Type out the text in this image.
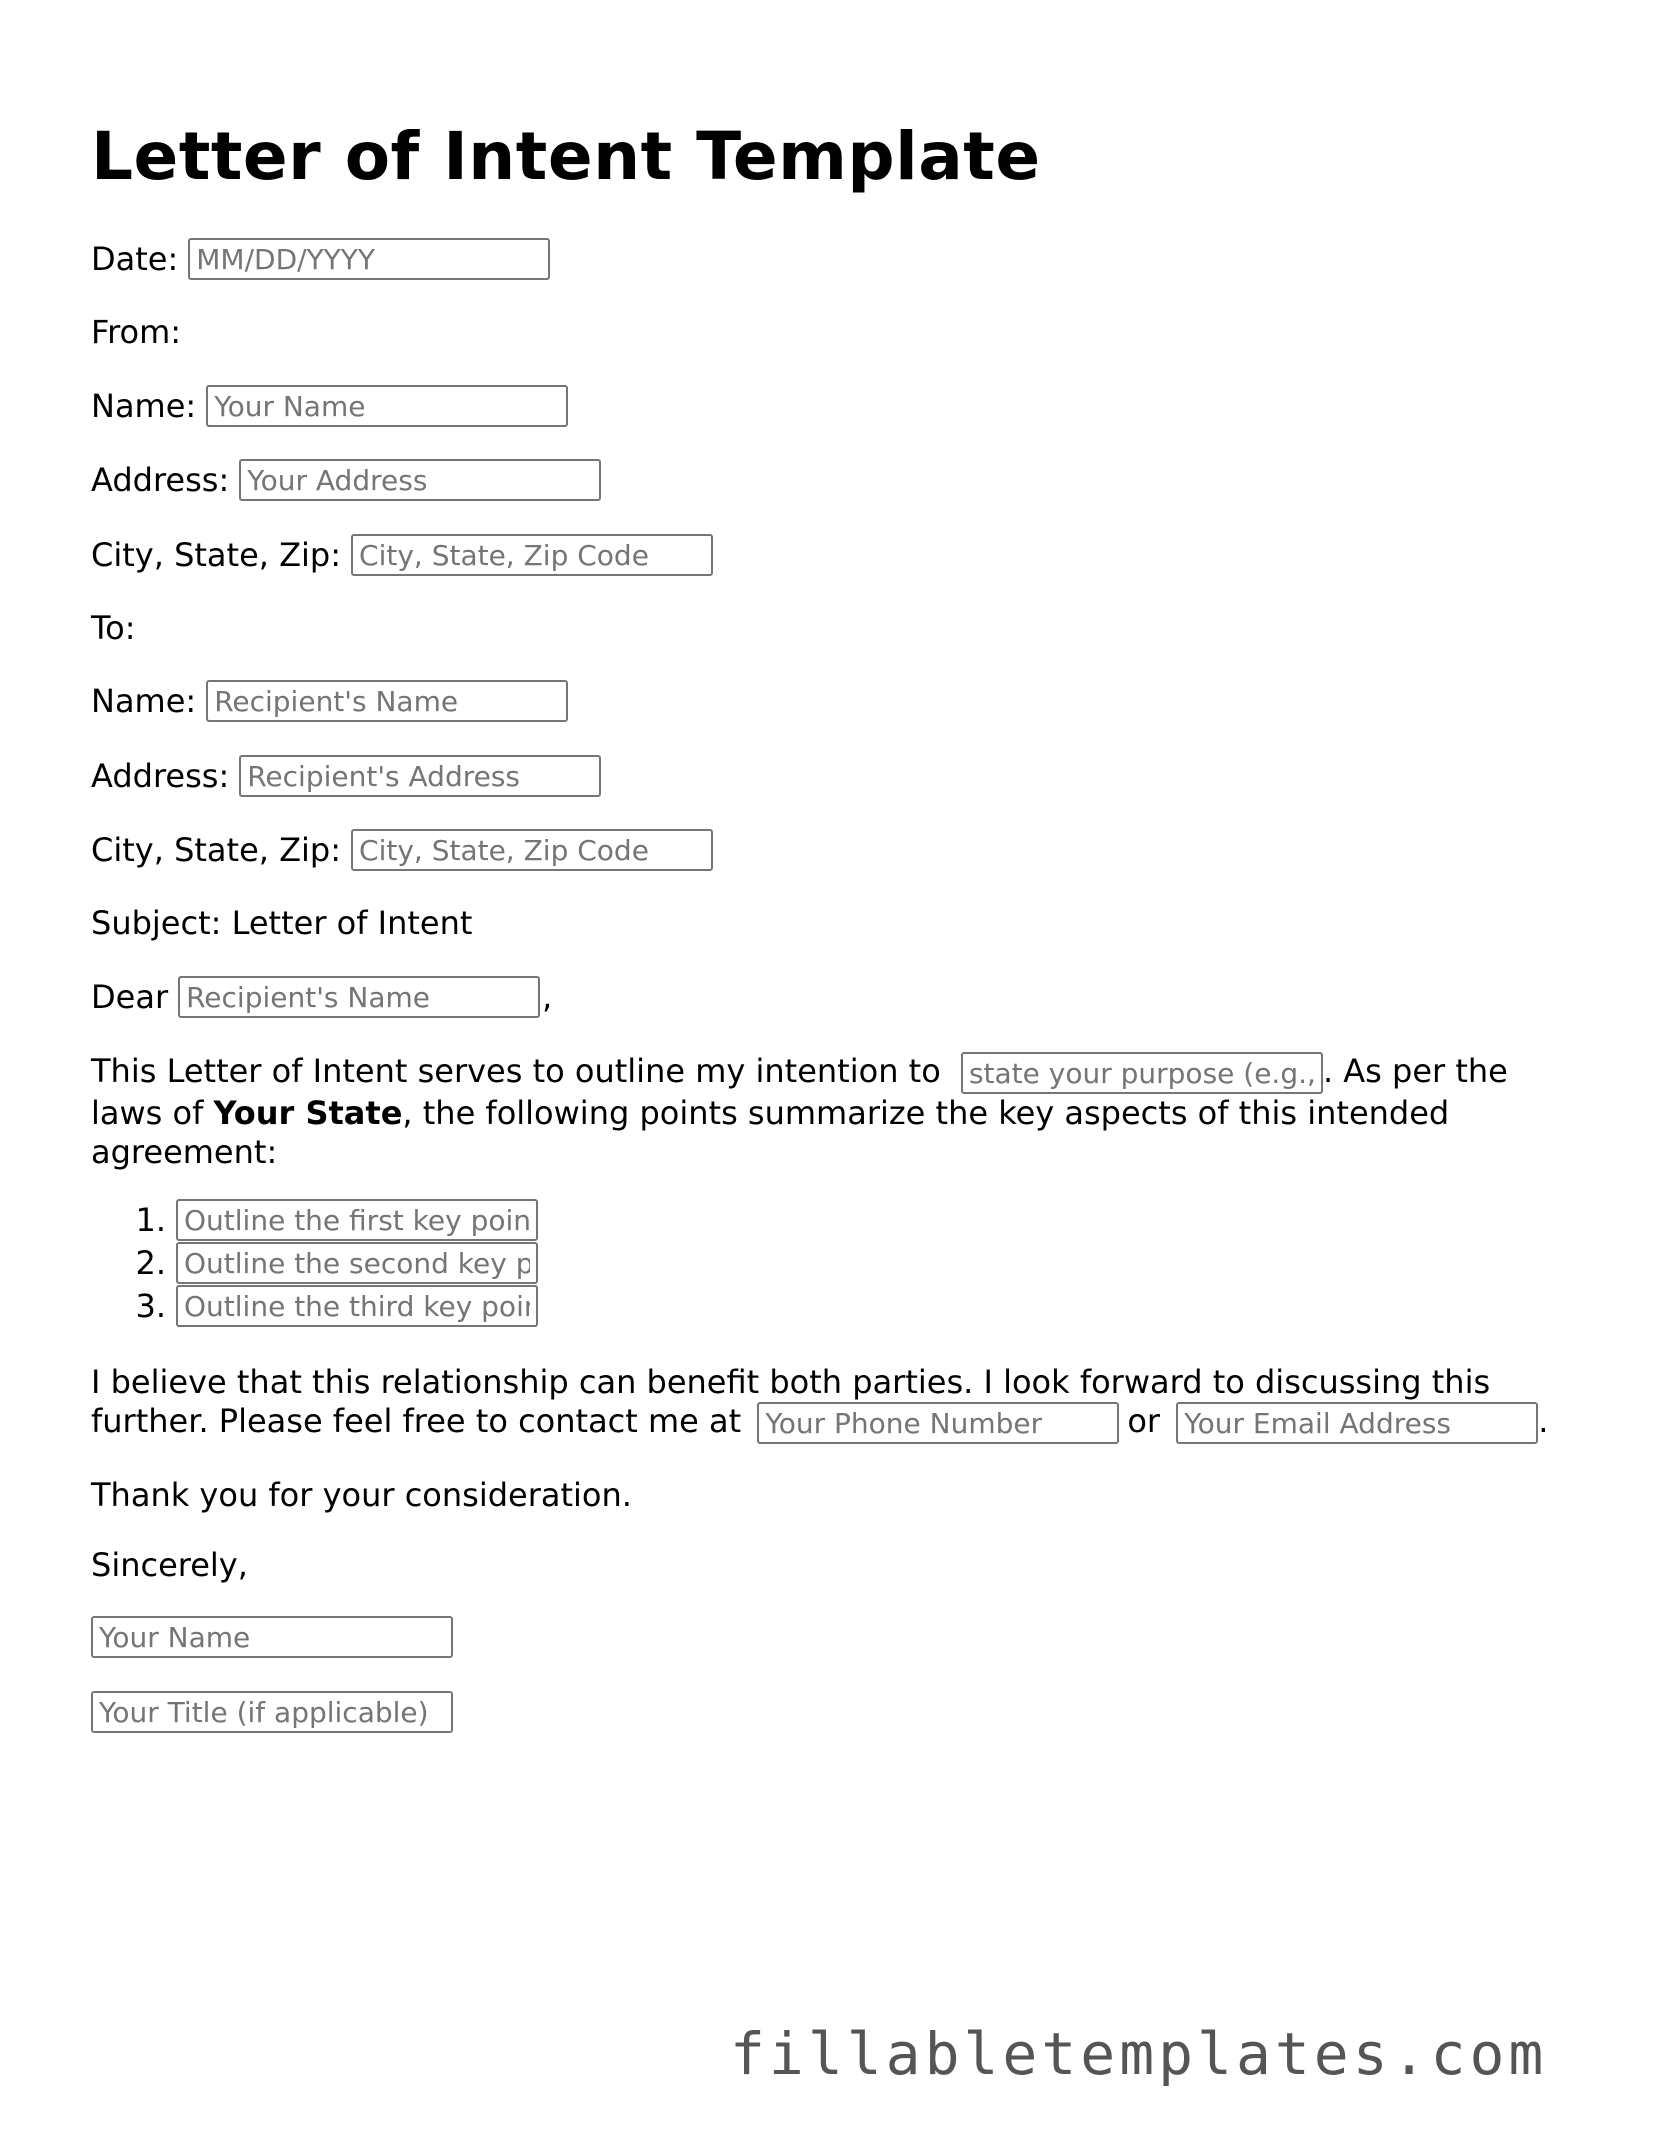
Letter of Intent Template
Date:
MM/DD/YYYY
From:
Name:
Your Name
Address:
Your Address
City, State, Zip:
City, State, Zip Code
To:
Name:
Recipient's Name
Address:
Recipient's Address
City, State, Zip:
City, State, Zip Code
Subject: Letter of Intent
Dear
Recipient's Name	,
This Letter of Intent serves to outline my intention to state your purpose (e.g., entering into a business partnership)	. As per the laws of Your State, the following points summarize the key aspects of this intended agreement:
1.
Outline the first key point
2.
Outline the second key point
3.
Outline the third key point
I believe that this relationship can benefit both parties. I look forward to discussing this further. Please feel free to contact me at Your Phone Number	or Your Email Address	.
Thank you for your consideration.
Sincerely,
Your Name
Your Title (if applicable)
fillabletemplates.com
